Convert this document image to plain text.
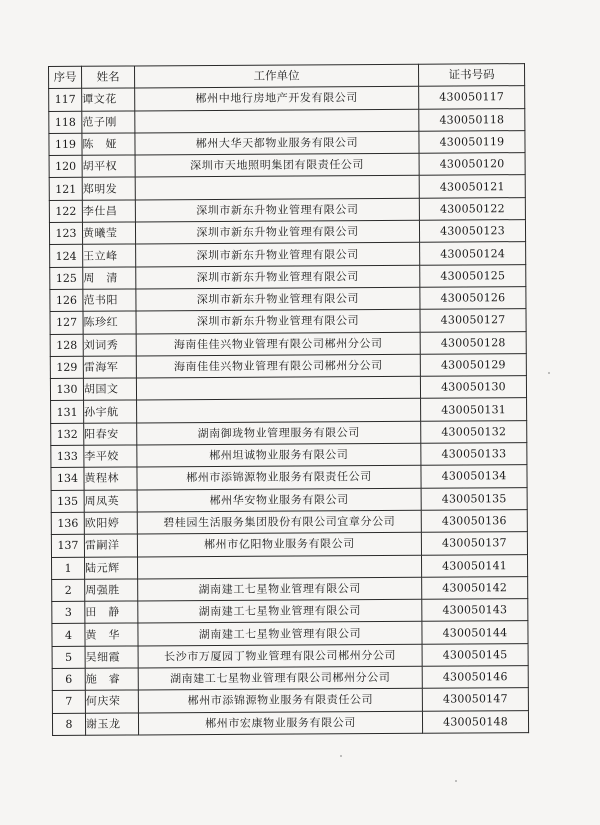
序号	姓名	工作单位	证书号码
117	谭文花	郴州中地行房地产开发有限公司	430050117
118	范子刚		430050118
119	陈　娅	郴州大华天都物业服务有限公司	430050119
120	胡平权	深圳市天地照明集团有限责任公司	430050120
121	郑明发		430050121
122	李仕昌	深圳市新东升物业管理有限公司	430050122
123	黄曦莹	深圳市新东升物业管理有限公司	430050123
124	王立峰	深圳市新东升物业管理有限公司	430050124
125	周　清	深圳市新东升物业管理有限公司	430050125
126	范书阳	深圳市新东升物业管理有限公司	430050126
127	陈珍红	深圳市新东升物业管理有限公司	430050127
128	刘词秀	海南佳佳兴物业管理有限公司郴州分公司	430050128
129	雷海军	海南佳佳兴物业管理有限公司郴州分公司	430050129
130	胡国文		430050130
131	孙宇航		430050131
132	阳春安	湖南御珑物业管理服务有限公司	430050132
133	李平姣	郴州坦诚物业服务有限公司	430050133
134	黄程林	郴州市添锦源物业服务有限责任公司	430050134
135	周凤英	郴州华安物业服务有限公司	430050135
136	欧阳婷	碧桂园生活服务集团股份有限公司宜章分公司	430050136
137	雷嗣洋	郴州市亿阳物业服务有限公司	430050137
1	陆元辉		430050141
2	周强胜	湖南建工七星物业管理有限公司	430050142
3	田　静	湖南建工七星物业管理有限公司	430050143
4	黄　华	湖南建工七星物业管理有限公司	430050144
5	吴细霞	长沙市万厦园丁物业管理有限公司郴州分公司	430050145
6	施　睿	湖南建工七星物业管理有限公司郴州分公司	430050146
7	何庆荣	郴州市添锦源物业服务有限责任公司	430050147
8	谢玉龙	郴州市宏康物业服务有限公司	430050148
